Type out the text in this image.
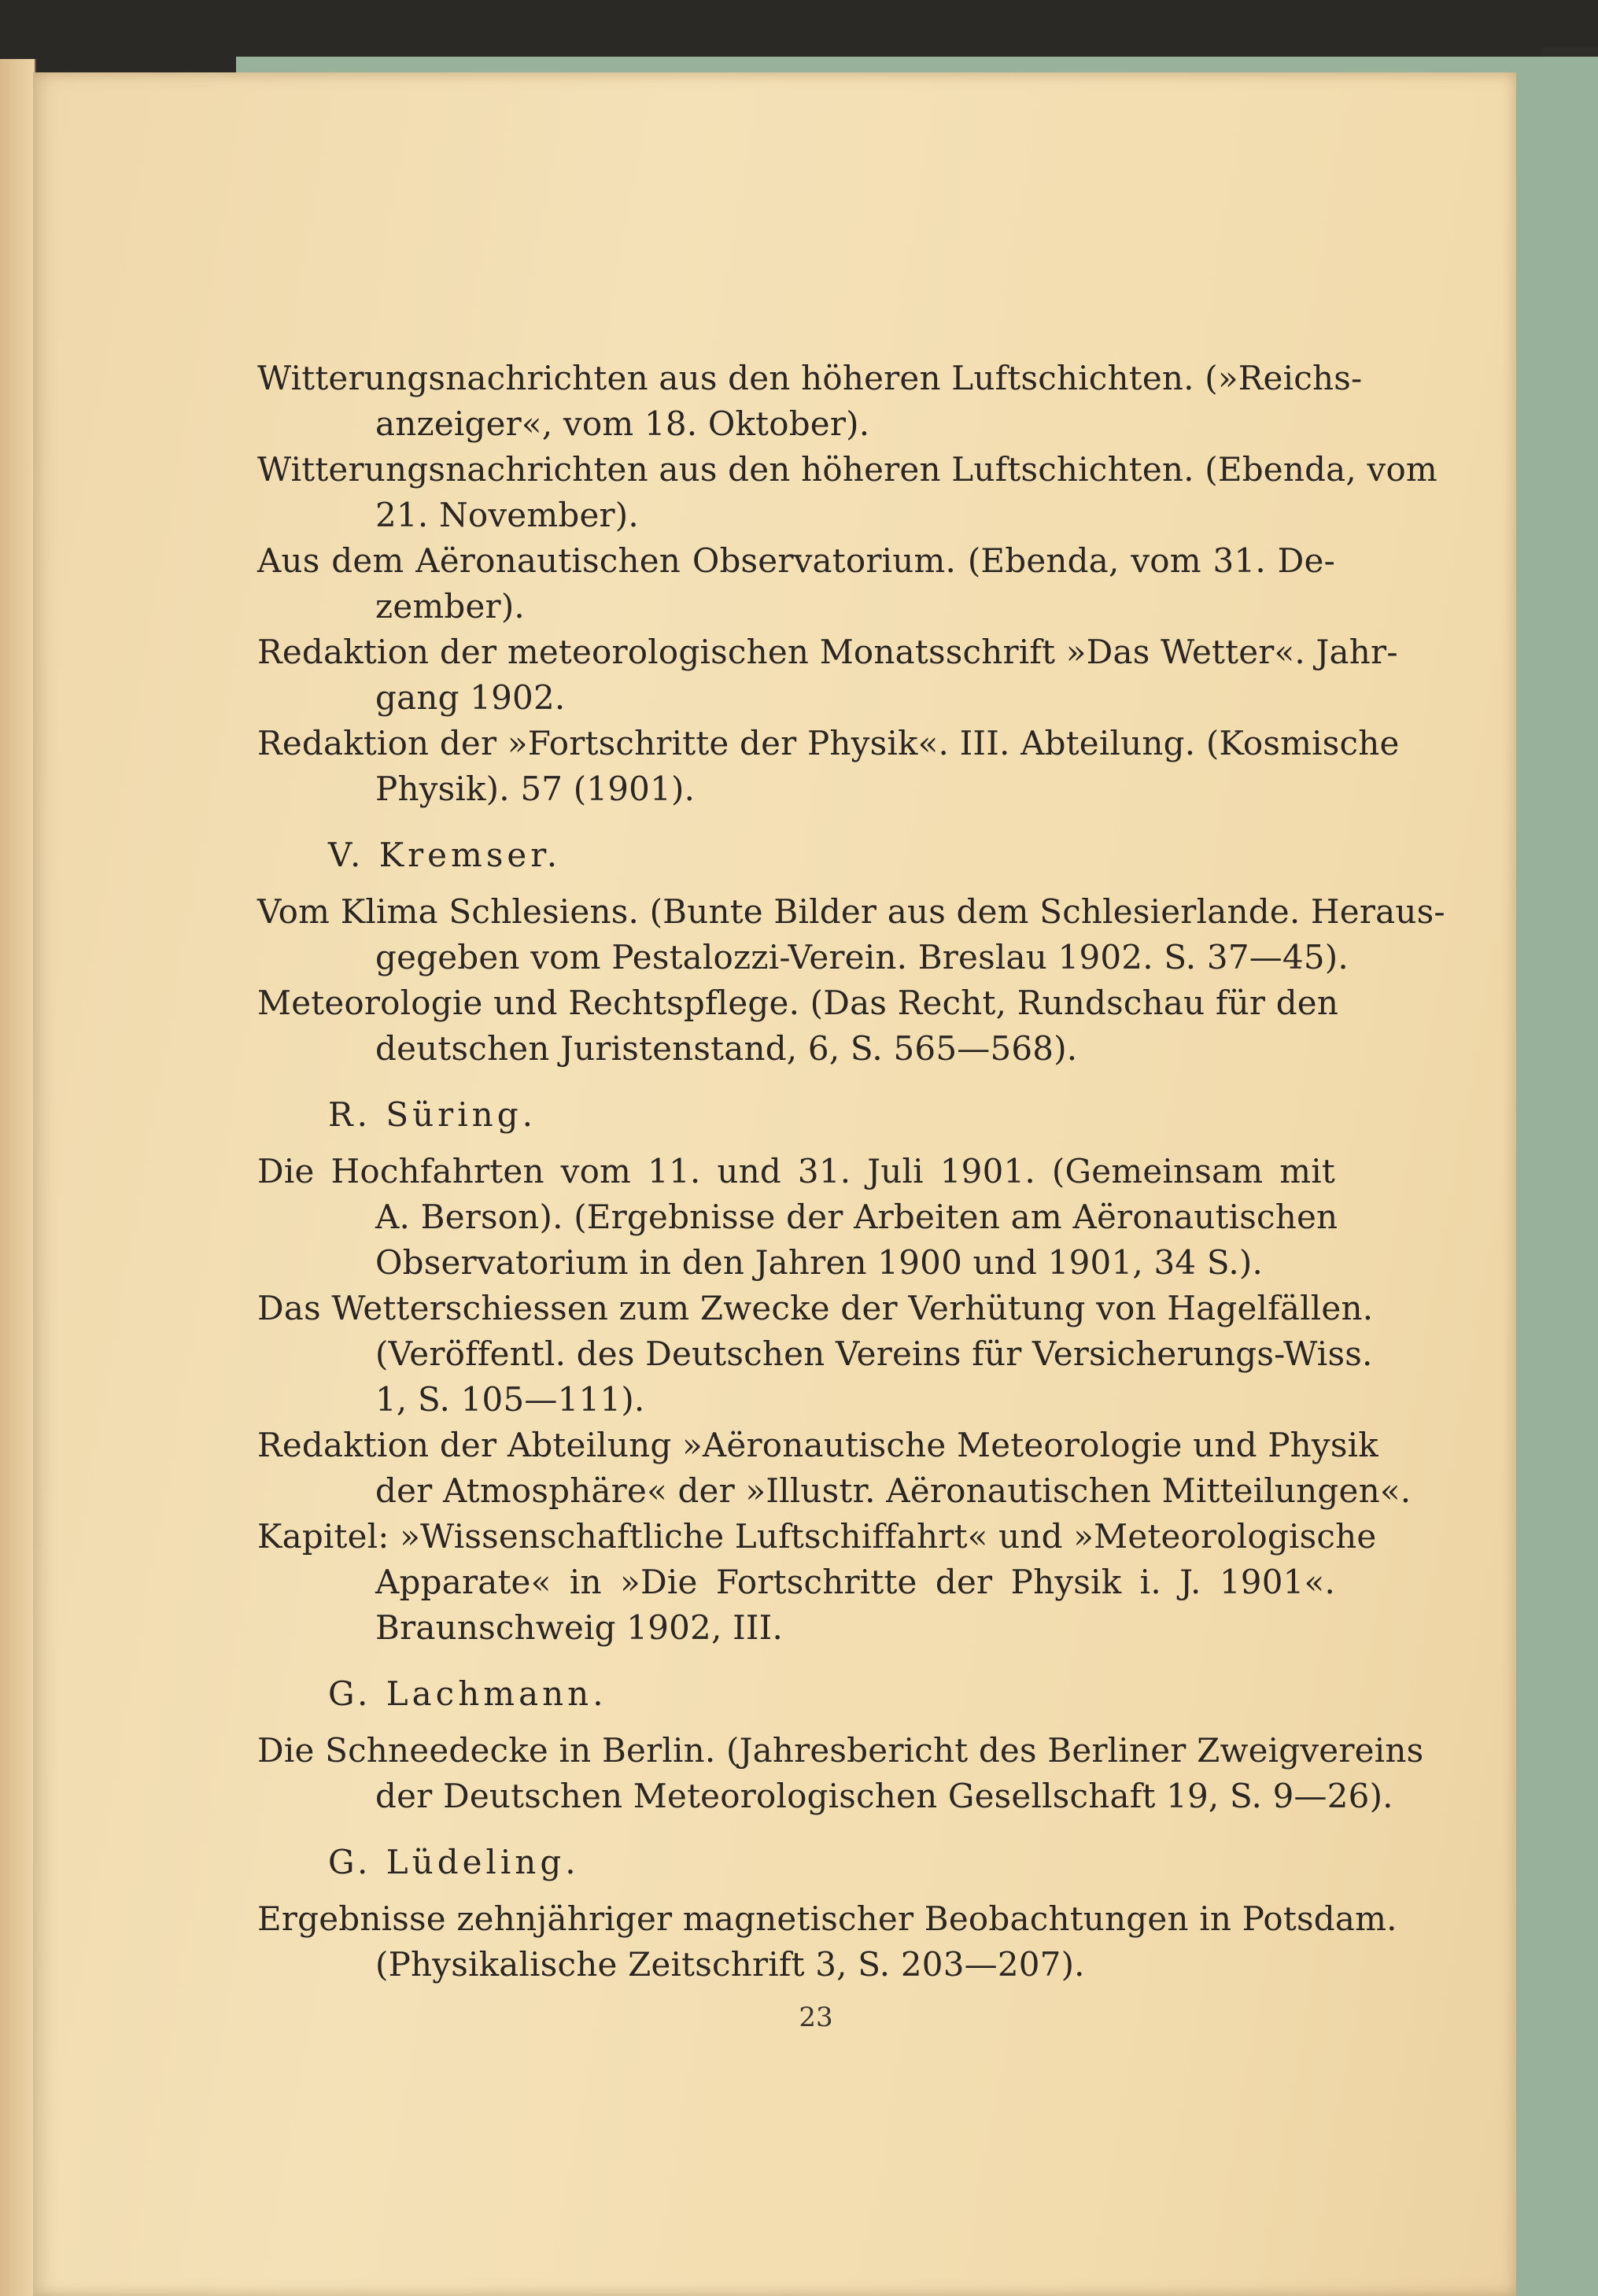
Witterungsnachrichten aus den höheren Luftschichten. (»Reichs-
anzeiger«, vom 18. Oktober).
Witterungsnachrichten aus den höheren Luftschichten. (Ebenda, vom
21. November).
Aus dem Aëronautischen Observatorium. (Ebenda, vom 31. De-
zember).
Redaktion der meteorologischen Monatsschrift »Das Wetter«. Jahr-
gang 1902.
Redaktion der »Fortschritte der Physik«. III. Abteilung. (Kosmische
Physik). 57 (1901).
V. Kremser.
Vom Klima Schlesiens. (Bunte Bilder aus dem Schlesierlande. Heraus-
gegeben vom Pestalozzi-Verein. Breslau 1902. S. 37—45).
Meteorologie und Rechtspflege. (Das Recht, Rundschau für den
deutschen Juristenstand, 6, S. 565—568).
R. Süring.
Die Hochfahrten vom 11. und 31. Juli 1901. (Gemeinsam mit
A. Berson). (Ergebnisse der Arbeiten am Aëronautischen
Observatorium in den Jahren 1900 und 1901, 34 S.).
Das Wetterschiessen zum Zwecke der Verhütung von Hagelfällen.
(Veröffentl. des Deutschen Vereins für Versicherungs-Wiss.
1, S. 105—111).
Redaktion der Abteilung »Aëronautische Meteorologie und Physik
der Atmosphäre« der »Illustr. Aëronautischen Mitteilungen«.
Kapitel: »Wissenschaftliche Luftschiffahrt« und »Meteorologische
Apparate« in »Die Fortschritte der Physik i. J. 1901«.
Braunschweig 1902, III.
G. Lachmann.
Die Schneedecke in Berlin. (Jahresbericht des Berliner Zweigvereins
der Deutschen Meteorologischen Gesellschaft 19, S. 9—26).
G. Lüdeling.
Ergebnisse zehnjähriger magnetischer Beobachtungen in Potsdam.
(Physikalische Zeitschrift 3, S. 203—207).
23
